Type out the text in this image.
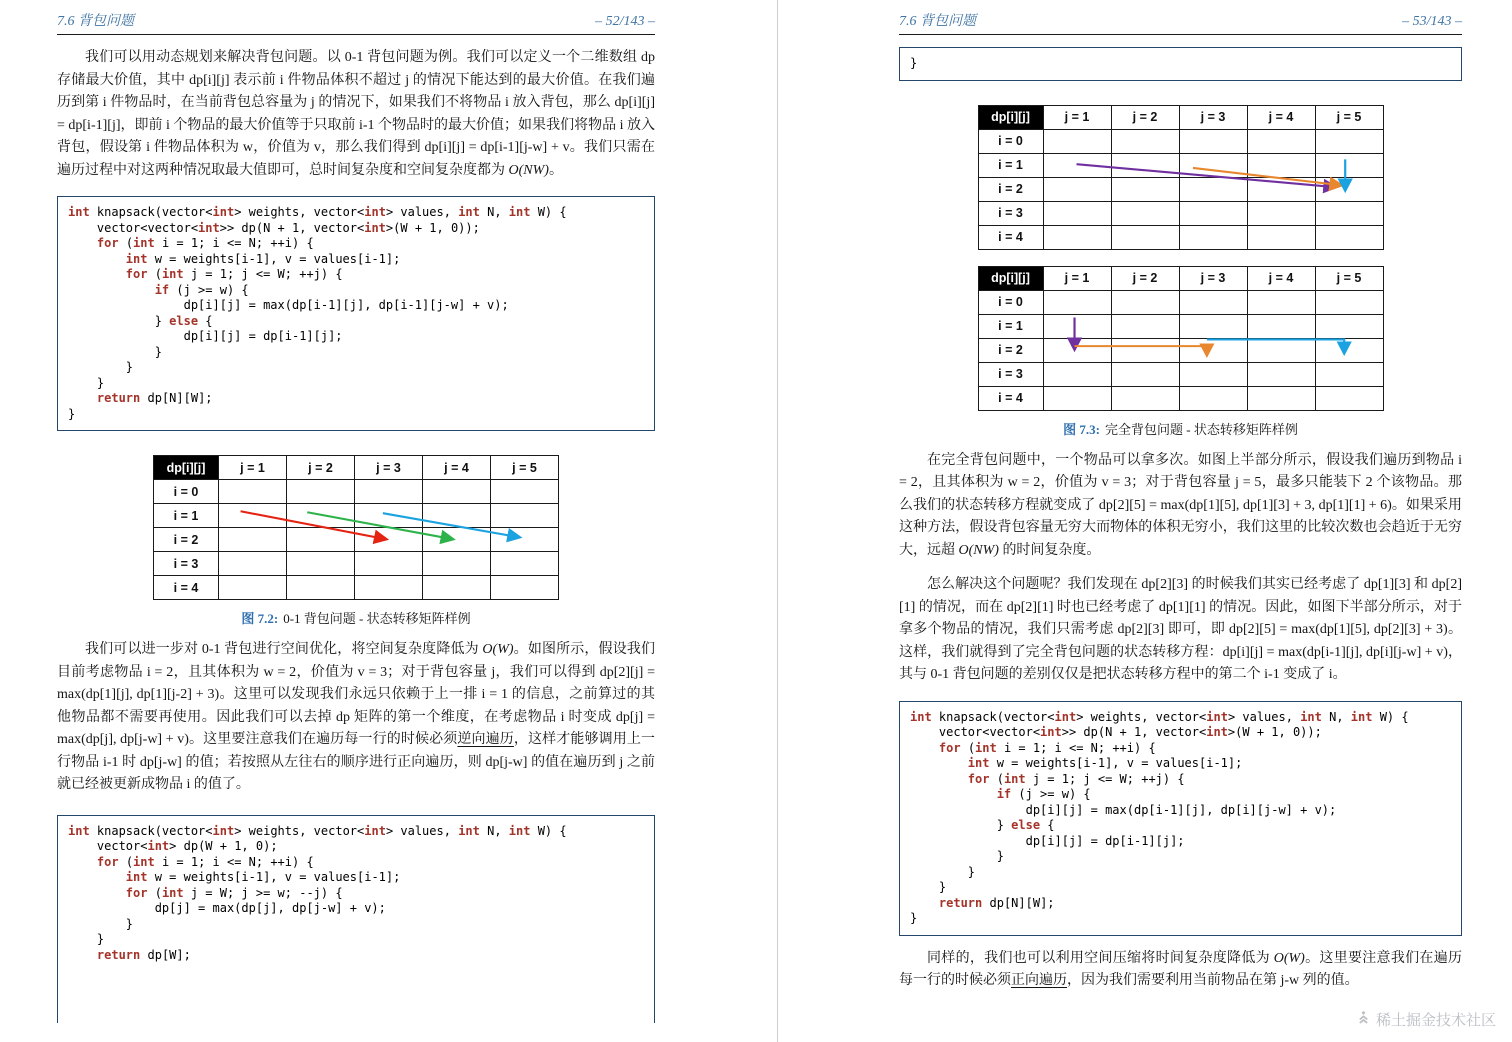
7.6 背包问题	– 52/143 –

我们可以用动态规划来解决背包问题。以 0-1 背包问题为例。我们可以定义一个二维数组 dp 存储最大价值，其中 dp[i][j] 表示前 i 件物品体积不超过 j 的情况下能达到的最大价值。在我们遍历到第 i 件物品时，在当前背包总容量为 j 的情况下，如果我们不将物品 i 放入背包，那么 dp[i][j] = dp[i-1][j]，即前 i 个物品的最大价值等于只取前 i-1 个物品时的最大价值；如果我们将物品 i 放入背包，假设第 i 件物品体积为 w，价值为 v，那么我们得到 dp[i][j] = dp[i-1][j-w] + v。我们只需在遍历过程中对这两种情况取最大值即可，总时间复杂度和空间复杂度都为 O(NW)。

int knapsack(vector<int> weights, vector<int> values, int N, int W) {
vector<vector<int>> dp(N + 1, vector<int>(W + 1, 0));
for (int i = 1; i <= N; ++i) {
int w = weights[i-1], v = values[i-1];
for (int j = 1; j <= W; ++j) {
if (j >= w) {
dp[i][j] = max(dp[i-1][j], dp[i-1][j-w] + v);
} else {
dp[i][j] = dp[i-1][j];
}
}
}
return dp[N][W];
}
dp[i][j]	j = 1	j = 2	j = 3	j = 4	j = 5
i = 0					
i = 1					
i = 2					
i = 3					
i = 4					
图 7.2: 0-1 背包问题 - 状态转移矩阵样例

我们可以进一步对 0-1 背包进行空间优化，将空间复杂度降低为 O(W)。如图所示，假设我们目前考虑物品 i = 2，且其体积为 w = 2，价值为 v = 3；对于背包容量 j，我们可以得到 dp[2][j] = max(dp[1][j], dp[1][j-2] + 3)。这里可以发现我们永远只依赖于上一排 i = 1 的信息，之前算过的其他物品都不需要再使用。因此我们可以去掉 dp 矩阵的第一个维度，在考虑物品 i 时变成 dp[j] = max(dp[j], dp[j-w] + v)。这里要注意我们在遍历每一行的时候必须逆向遍历，这样才能够调用上一行物品 i-1 时 dp[j-w] 的值；若按照从左往右的顺序进行正向遍历，则 dp[j-w] 的值在遍历到 j 之前就已经被更新成物品 i 的值了。

int knapsack(vector<int> weights, vector<int> values, int N, int W) {
vector<int> dp(W + 1, 0);
for (int i = 1; i <= N; ++i) {
int w = weights[i-1], v = values[i-1];
for (int j = W; j >= w; --j) {
dp[j] = max(dp[j], dp[j-w] + v);
}
}
return dp[W];
7.6 背包问题	– 53/143 –
}
dp[i][j]	j = 1	j = 2	j = 3	j = 4	j = 5
i = 0					
i = 1					
i = 2					
i = 3					
i = 4					
dp[i][j]	j = 1	j = 2	j = 3	j = 4	j = 5
i = 0					
i = 1					
i = 2					
i = 3					
i = 4					
图 7.3: 完全背包问题 - 状态转移矩阵样例

在完全背包问题中，一个物品可以拿多次。如图上半部分所示，假设我们遍历到物品 i = 2，且其体积为 w = 2，价值为 v = 3；对于背包容量 j = 5，最多只能装下 2 个该物品。那么我们的状态转移方程就变成了 dp[2][5] = max(dp[1][5], dp[1][3] + 3, dp[1][1] + 6)。如果采用这种方法，假设背包容量无穷大而物体的体积无穷小，我们这里的比较次数也会趋近于无穷大，远超 O(NW) 的时间复杂度。

怎么解决这个问题呢？我们发现在 dp[2][3] 的时候我们其实已经考虑了 dp[1][3] 和 dp[2][1] 的情况，而在 dp[2][1] 时也已经考虑了 dp[1][1] 的情况。因此，如图下半部分所示，对于拿多个物品的情况，我们只需考虑 dp[2][3] 即可，即 dp[2][5] = max(dp[1][5], dp[2][3] + 3)。这样，我们就得到了完全背包问题的状态转移方程：dp[i][j] = max(dp[i-1][j], dp[i][j-w] + v)，其与 0-1 背包问题的差别仅仅是把状态转移方程中的第二个 i-1 变成了 i。

int knapsack(vector<int> weights, vector<int> values, int N, int W) {
vector<vector<int>> dp(N + 1, vector<int>(W + 1, 0));
for (int i = 1; i <= N; ++i) {
int w = weights[i-1], v = values[i-1];
for (int j = 1; j <= W; ++j) {
if (j >= w) {
dp[i][j] = max(dp[i-1][j], dp[i][j-w] + v);
} else {
dp[i][j] = dp[i-1][j];
}
}
}
return dp[N][W];
}

同样的，我们也可以利用空间压缩将时间复杂度降低为 O(W)。这里要注意我们在遍历每一行的时候必须正向遍历，因为我们需要利用当前物品在第 j-w 列的值。

稀土掘金技术社区
